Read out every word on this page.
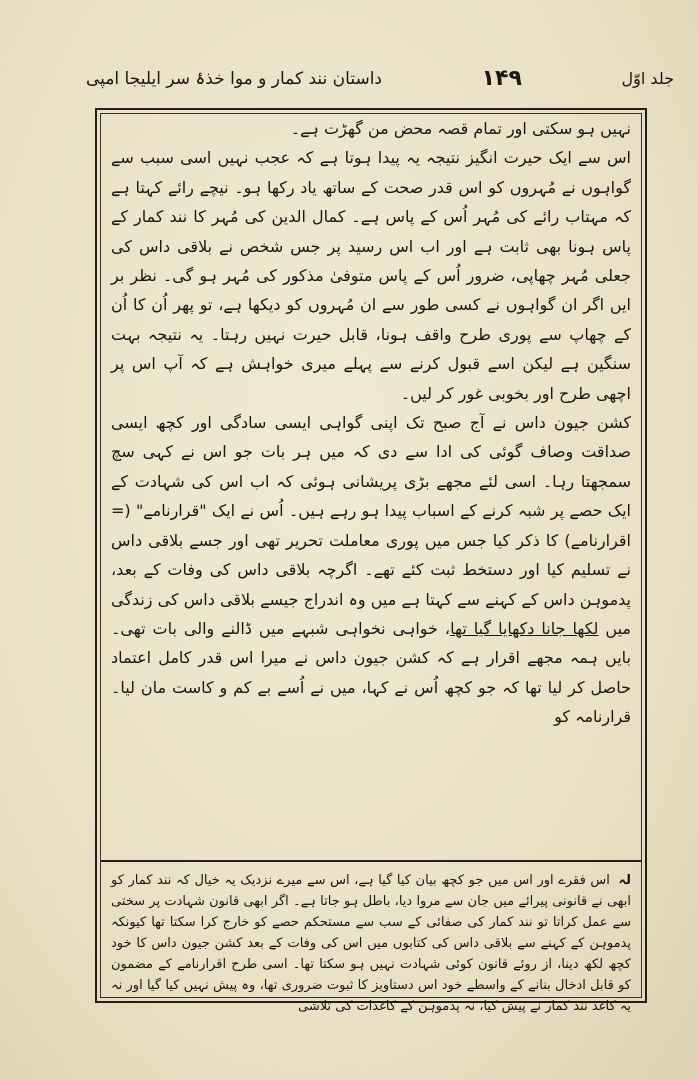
داستان نند کمار و موا خذۂ سر ایلیجا امپی	۱۴۹	جلد اوّل

نہیں ہو سکتی اور تمام قصہ محض من گھڑت ہے۔

اس سے ایک حیرت انگیز نتیجہ یہ پیدا ہوتا ہے کہ عجب نہیں اسی سبب سے گواہوں نے مُہروں کو اس قدر صحت کے ساتھ یاد رکھا ہو۔ نیچے رائے کہتا ہے کہ مہتاب رائے کی مُہر اُس کے پاس ہے۔ کمال الدین کی مُہر کا نند کمار کے پاس ہونا بھی ثابت ہے اور اب اس رسید پر جس شخص نے بلاقی داس کی جعلی مُہر چھاپی، ضرور اُس کے پاس متوفیٰ مذکور کی مُہر ہو گی۔ نظر بر ایں اگر ان گواہوں نے کسی طور سے ان مُہروں کو دیکھا ہے، تو پھر اُن کا اُن کے چھاپ سے پوری طرح واقف ہونا، قابل حیرت نہیں رہتا۔ یہ نتیجہ بہت سنگین ہے لیکن اسے قبول کرنے سے پہلے میری خواہش ہے کہ آپ اس پر اچھی طرح اور بخوبی غور کر لیں۔

کشن جیون داس نے آج صبح تک اپنی گواہی ایسی سادگی اور کچھ ایسی صداقت وصاف گوئی کی ادا سے دی کہ میں ہر بات جو اس نے کہی سچ سمجھتا رہا۔ اسی لئے مجھے بڑی پریشانی ہوئی کہ اب اس کی شہادت کے ایک حصے پر شبہ کرنے کے اسباب پیدا ہو رہے ہیں۔ اُس نے ایک "قرارنامے" (= اقرارنامے) کا ذکر کیا جس میں پوری معاملت تحریر تھی اور جسے بلاقی داس نے تسلیم کیا اور دستخط ثبت کئے تھے۔ اگرچہ بلاقی داس کی وفات کے بعد، پدموہن داس کے کہنے سے کہتا ہے میں وہ اندراج جیسے بلاقی داس کی زندگی میں لکھا جانا دکھایا گیا تھا، خواہی نخواہی شبہے میں ڈالنے والی بات تھی۔ بایں ہمہ مجھے اقرار ہے کہ کشن جیون داس نے میرا اس قدر کامل اعتماد حاصل کر لیا تھا کہ جو کچھ اُس نے کہا، میں نے اُسے بے کم و کاست مان لیا۔ قرارنامہ کو

لہ اس فقرے اور اس میں جو کچھ بیان کیا گیا ہے، اس سے میرے نزدیک یہ خیال کہ نند کمار کو ابھی نے قانونی پیرائے میں جان سے مروا دیا، باطل ہو جاتا ہے۔ اگر ابھی قانون شہادت پر سختی سے عمل کراتا تو نند کمار کی صفائی کے سب سے مستحکم حصے کو خارج کرا سکتا تھا کیونکہ پدموہن کے کہنے سے بلاقی داس کی کتابوں میں اس کی وفات کے بعد کشن جیون داس کا خود کچھ لکھ دینا، از روئے قانون کوئی شہادت نہیں ہو سکتا تھا۔ اسی طرح اقرارنامے کے مضمون کو قابل ادخال بنانے کے واسطے خود اس دستاویز کا ثبوت ضروری تھا، وہ پیش نہیں کیا گیا اور نہ یہ کاغذ نند کمار نے پیش کیا، نہ پدموہن کے کاغذات کی تلاشی
